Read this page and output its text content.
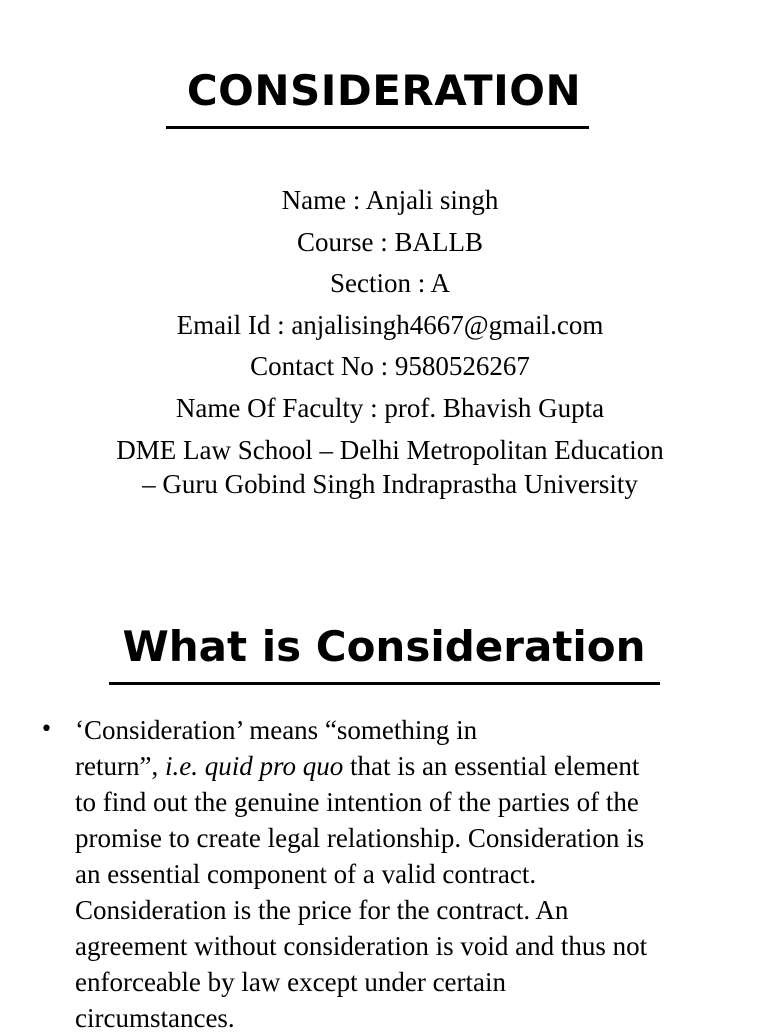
CONSIDERATION
Name : Anjali singh
Course : BALLB
Section : A
Email Id : anjalisingh4667@gmail.com
Contact No : 9580526267
Name Of Faculty : prof. Bhavish Gupta
DME Law School – Delhi Metropolitan Education
– Guru Gobind Singh Indraprastha University
What is Consideration
• ‘Consideration’ means “something in
return”, i.e. quid pro quo that is an essential element
to find out the genuine intention of the parties of the
promise to create legal relationship. Consideration is
an essential component of a valid contract.
Consideration is the price for the contract. An
agreement without consideration is void and thus not
enforceable by law except under certain
circumstances.
